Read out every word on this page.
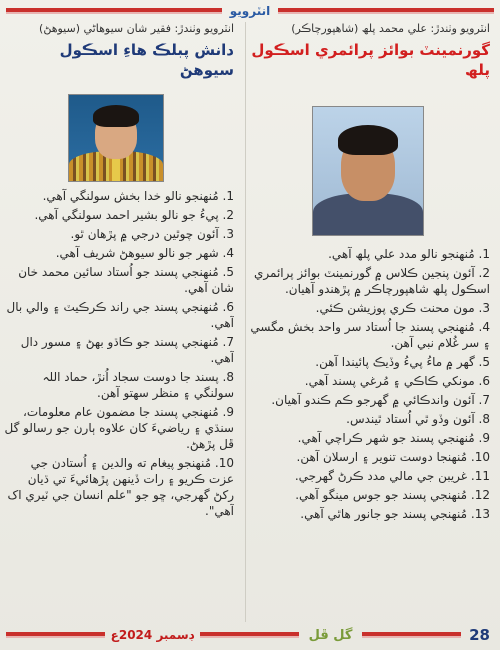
انٽرويو
انٽرويو وٺندڙ: علي محمد پلھ (شاھپورچاڪر)
گورنمينٽ بوائز پرائمري اسڪول پلھ
1. مُنھنجو نالو مدد علي پلھ آھي.
2. آئون پنجين ڪلاس ۾ گورنمينٽ بوائز پرائمري اسڪول پلھ شاھپورچاڪر ۾ پڙھندو آھيان.
3. مون محنت ڪري پوزيشن ڪئي.
4. مُنھنجي پسند جا اُستاد سر واحد بخش مگسي ۽ سر غُلام نبي آھن.
5. گھر ۾ ماءُ پيءُ وڏيڪ پائيندا آھن.
6. مونکي ڪاڪي ۽ مُرغي پسند آھي.
7. آئون واندڪائي ۾ گھرجو ڪم ڪندو آھيان.
8. آئون وڏو ٿي اُستاد ٿيندس.
9. مُنھنجي پسند جو شھر ڪراچي آھي.
10. مُنھنجا دوست تنوير ۽ ارسلان آھن.
11. غريبن جي مالي مدد ڪرڻ گھرجي.
12. مُنھنجي پسند جو جوس مينگو آھي.
13. مُنھنجي پسند جو جانور هاٿي آھي.
انٽرويو وٺندڙ: فقير شان سيوھاڻي (سيوھڻ)
دانش پبلڪ ھاءِ اسڪول سيوھڻ
1. مُنھنجو نالو خدا بخش سولنگي آھي.
2. پيءُ جو نالو بشير احمد سولنگي آھي.
3. آئون چوٿين درجي ۾ پڙھان ٿو.
4. شھر جو نالو سيوھڻ شريف آھي.
5. مُنھنجي پسند جو اُستاد سائين محمد خان شان آھي.
6. مُنھنجي پسند جي راند ڪرڪيٽ ۽ والي بال آھي.
7. مُنھنجي پسند جو ڪاڌو بھڻ ۽ مسور دال آھي.
8. پسند جا دوست سجاد اُنڙ، حماد اللہ سولنگي ۽ منظر سھتو آھن.
9. مُنھنجي پسند جا مضمون عام معلومات، سنڌي ۽ رياضيءَ کان علاوه ٻارن جو رسالو گل ڦل پڙھڻ.
10. مُنھنجو پيغام ته والدين ۽ اُستادن جي عزت ڪريو ۽ رات ڏينھن پڙھائيءَ تي ڌيان رکڻ گھرجي، ڇو جو "علم انسان جي ٽيري اک آھي".
ڊسمبر 2024ع	گل ڦل	28
